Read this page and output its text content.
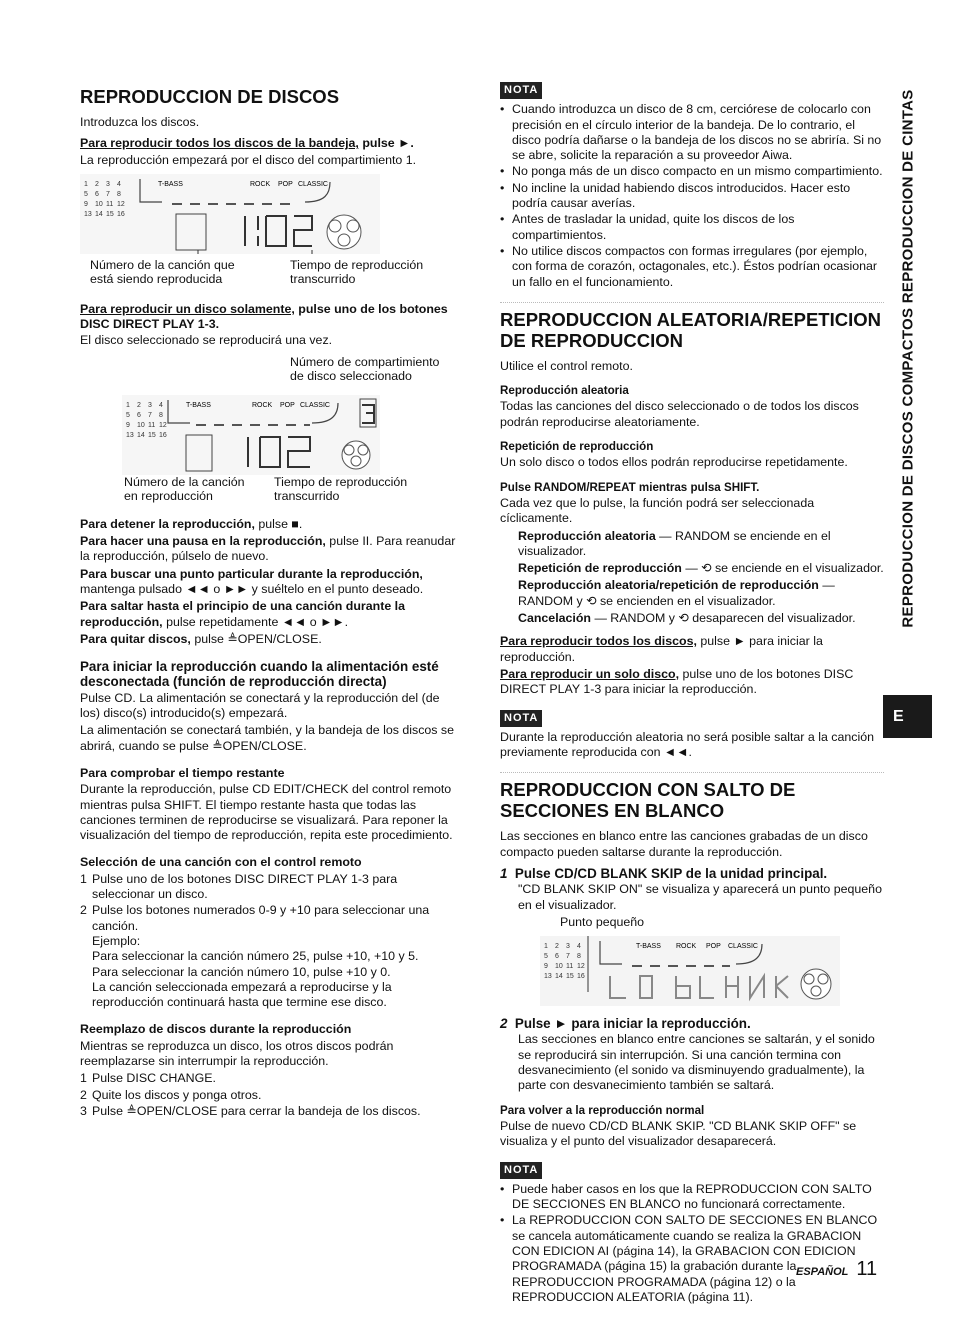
REPRODUCCION DE DISCOS

Introduzca los discos.

Para reproducir todos los discos de la bandeja, pulse ►.

La reproducción empezará por el disco del compartimiento 1.

1 2 3 4
5 6 7 8
9 10 11 12
13 14 15 16
T-BASS	ROCK POP CLASSIC
Número de la canción que
está siendo reproducida
Tiempo de reproducción
transcurrido
Para reproducir un disco solamente, pulse uno de los botones DISC DIRECT PLAY 1-3.

El disco seleccionado se reproducirá una vez.

Número de compartimiento
de disco seleccionado
1 2 3 4
5 6 7 8
9 10 11 12
13 14 15 16
T-BASS	ROCK POP CLASSIC
Número de la canción
en reproducción
Tiempo de reproducción
transcurrido

Para detener la reproducción, pulse ■.

Para hacer una pausa en la reproducción, pulse II. Para reanudar la reproducción, púlselo de nuevo.

Para buscar una punto particular durante la reproducción, mantenga pulsado ◄◄ o ►► y suéltelo en el punto deseado.

Para saltar hasta el principio de una canción durante la reproducción, pulse repetidamente ◄◄ o ►►.

Para quitar discos, pulse ≜OPEN/CLOSE.

Para iniciar la reproducción cuando la alimentación esté desconectada (función de reproducción directa)

Pulse CD. La alimentación se conectará y la reproducción del (de los) disco(s) introducido(s) empezará.

La alimentación se conectará también, y la bandeja de los discos se abrirá, cuando se pulse ≜OPEN/CLOSE.

Para comprobar el tiempo restante

Durante la reproducción, pulse CD EDIT/CHECK del control remoto mientras pulsa SHIFT. El tiempo restante hasta que todas las canciones terminen de reproducirse se visualizará. Para reponer la visualización del tiempo de reproducción, repita este procedimiento.

Selección de una canción con el control remoto
1 Pulse uno de los botones DISC DIRECT PLAY 1-3 para seleccionar un disco.
2 Pulse los botones numerados 0-9 y +10 para seleccionar una canción.
Ejemplo:
Para seleccionar la canción número 25, pulse +10, +10 y 5.
Para seleccionar la canción número 10, pulse +10 y 0.
La canción seleccionada empezará a reproducirse y la reproducción continuará hasta que termine ese disco.
Reemplazo de discos durante la reproducción

Mientras se reproduzca un disco, los otros discos podrán reemplazarse sin interrumpir la reproducción.

1 Pulse DISC CHANGE.
2 Quite los discos y ponga otros.
3 Pulse ≜OPEN/CLOSE para cerrar la bandeja de los discos.
NOTA
• Cuando introduzca un disco de 8 cm, cerciórese de colocarlo con precisión en el círculo interior de la bandeja. De lo contrario, el disco podría dañarse o la bandeja de los discos no se abriría. Si no se abre, solicite la reparación a su proveedor Aiwa.
• No ponga más de un disco compacto en un mismo compartimiento.
• No incline la unidad habiendo discos introducidos. Hacer esto podría causar averías.
• Antes de trasladar la unidad, quite los discos de los compartimientos.
• No utilice discos compactos con formas irregulares (por ejemplo, con forma de corazón, octagonales, etc.). Éstos podrían ocasionar un fallo en el funcionamiento.
REPRODUCCION ALEATORIA/REPETICION DE REPRODUCCION

Utilice el control remoto.

Reproducción aleatoria

Todas las canciones del disco seleccionado o de todos los discos podrán reproducirse aleatoriamente.

Repetición de reproducción

Un solo disco o todos ellos podrán reproducirse repetidamente.

Pulse RANDOM/REPEAT mientras pulsa SHIFT.

Cada vez que lo pulse, la función podrá ser seleccionada cíclicamente.

Reproducción aleatoria — RANDOM se enciende en el visualizador.

Repetición de reproducción — ⟲ se enciende en el visualizador.

Reproducción aleatoria/repetición de reproducción — RANDOM y ⟲ se encienden en el visualizador.

Cancelación — RANDOM y ⟲ desaparecen del visualizador.

Para reproducir todos los discos, pulse ► para iniciar la reproducción.

Para reproducir un solo disco, pulse uno de los botones DISC DIRECT PLAY 1-3 para iniciar la reproducción.

NOTA

Durante la reproducción aleatoria no será posible saltar a la canción previamente reproducida con ◄◄.

REPRODUCCION CON SALTO DE SECCIONES EN BLANCO

Las secciones en blanco entre las canciones grabadas de un disco compacto pueden saltarse durante la reproducción.

1 Pulse CD/CD BLANK SKIP de la unidad principal.

"CD BLANK SKIP ON" se visualiza y aparecerá un punto pequeño en el visualizador.

Punto pequeño

1 2 3 4
5 6 7 8
9 10 11 12
13 14 15 16
T-BASS ROCK POP CLASSIC
2 Pulse ► para iniciar la reproducción.

Las secciones en blanco entre canciones se saltarán, y el sonido se reproducirá sin interrupción. Si una canción termina con desvanecimiento (el sonido va disminuyendo gradualmente), la parte con desvanecimiento también se saltará.

Para volver a la reproducción normal

Pulse de nuevo CD/CD BLANK SKIP. "CD BLANK SKIP OFF" se visualiza y el punto del visualizador desaparecerá.

NOTA
• Puede haber casos en los que la REPRODUCCION CON SALTO DE SECCIONES EN BLANCO no funcionará correctamente.
• La REPRODUCCION CON SALTO DE SECCIONES EN BLANCO se cancela automáticamente cuando se realiza la GRABACION CON EDICION AI (página 14), la GRABACION CON EDICION PROGRAMADA (página 15) la grabación durante la REPRODUCCION PROGRAMADA (página 12) o la REPRODUCCION ALEATORIA (página 11).
REPRODUCCION DE DISCOS COMPACTOS REPRODUCCION DE CINTAS
E
ESPAÑOL 11
